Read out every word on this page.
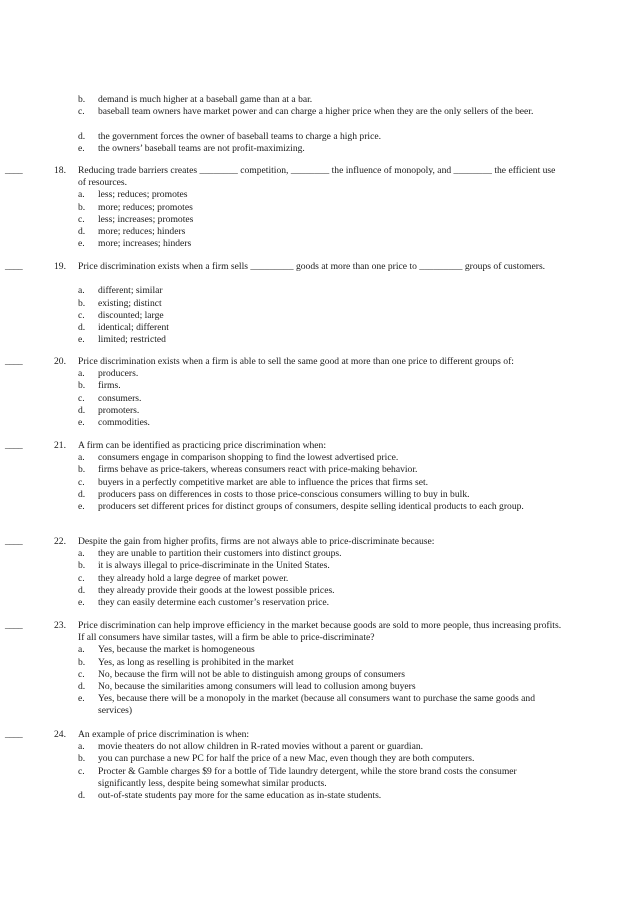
b.	demand is much higher at a baseball game than at a bar.
c.	baseball team owners have market power and can charge a higher price when they are the only sellers of the beer.
d.	the government forces the owner of baseball teams to charge a high price.
e.	the owners’ baseball teams are not profit-maximizing.
____	18.	Reducing trade barriers creates ________ competition, ________ the influence of monopoly, and ________ the efficient use of resources.
a.	less; reduces; promotes
b.	more; reduces; promotes
c.	less; increases; promotes
d.	more; reduces; hinders
e.	more; increases; hinders
____	19.	Price discrimination exists when a firm sells _________ goods at more than one price to _________ groups of customers.
a.	different; similar
b.	existing; distinct
c.	discounted; large
d.	identical; different
e.	limited; restricted
____	20.	Price discrimination exists when a firm is able to sell the same good at more than one price to different groups of:
a.	producers.
b.	firms.
c.	consumers.
d.	promoters.
e.	commodities.
____	21.	A firm can be identified as practicing price discrimination when:
a.	consumers engage in comparison shopping to find the lowest advertised price.
b.	firms behave as price-takers, whereas consumers react with price-making behavior.
c.	buyers in a perfectly competitive market are able to influence the prices that firms set.
d.	producers pass on differences in costs to those price-conscious consumers willing to buy in bulk.
e.	producers set different prices for distinct groups of consumers, despite selling identical products to each group.
____	22.	Despite the gain from higher profits, firms are not always able to price-discriminate because:
a.	they are unable to partition their customers into distinct groups.
b.	it is always illegal to price-discriminate in the United States.
c.	they already hold a large degree of market power.
d.	they already provide their goods at the lowest possible prices.
e.	they can easily determine each customer’s reservation price.
____	23.	Price discrimination can help improve efficiency in the market because goods are sold to more people, thus increasing profits. If all consumers have similar tastes, will a firm be able to price-discriminate?
a.	Yes, because the market is homogeneous
b.	Yes, as long as reselling is prohibited in the market
c.	No, because the firm will not be able to distinguish among groups of consumers
d.	No, because the similarities among consumers will lead to collusion among buyers
e.	Yes, because there will be a monopoly in the market (because all consumers want to purchase the same goods and services)
____	24.	An example of price discrimination is when:
a.	movie theaters do not allow children in R-rated movies without a parent or guardian.
b.	you can purchase a new PC for half the price of a new Mac, even though they are both computers.
c.	Procter & Gamble charges $9 for a bottle of Tide laundry detergent, while the store brand costs the consumer significantly less, despite being somewhat similar products.
d.	out-of-state students pay more for the same education as in-state students.
